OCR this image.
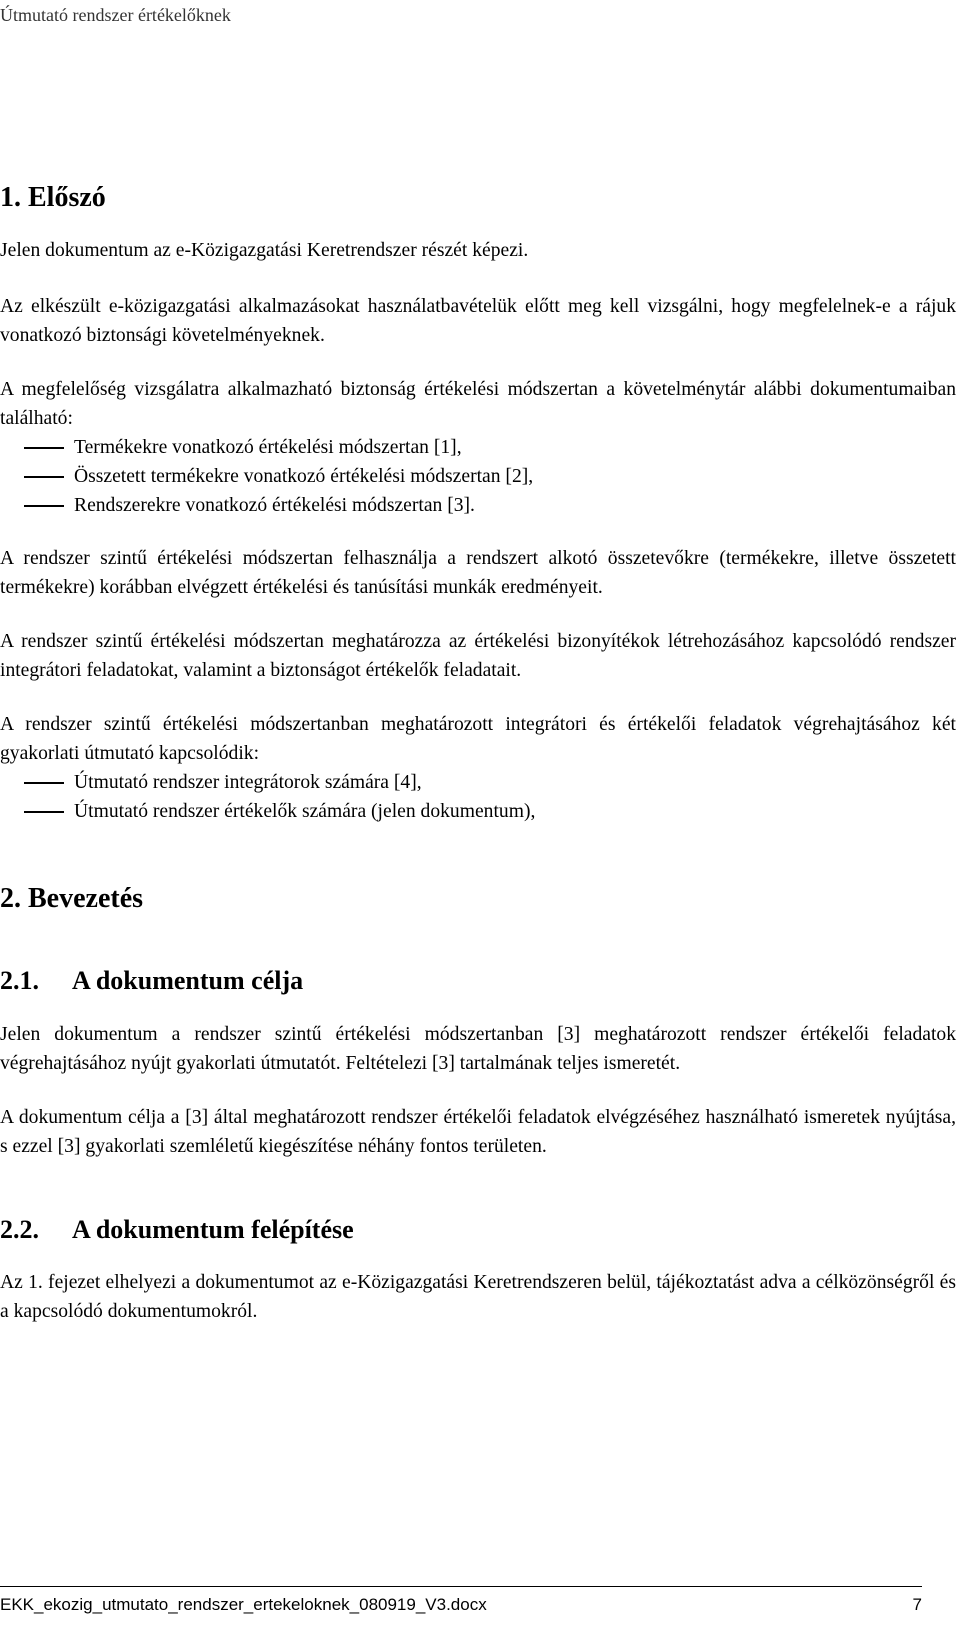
Útmutató rendszer értékelőknek
1. Előszó

Jelen dokumentum az e-Közigazgatási Keretrendszer részét képezi.

Az elkészült e-közigazgatási alkalmazásokat használatbavételük előtt meg kell vizsgálni, hogy megfelelnek-e a rájuk vonatkozó biztonsági követelményeknek.

A megfelelőség vizsgálatra alkalmazható biztonság értékelési módszertan a követelménytár alábbi dokumentumaiban található:

Termékekre vonatkozó értékelési módszertan [1],
Összetett termékekre vonatkozó értékelési módszertan [2],
Rendszerekre vonatkozó értékelési módszertan [3].

A rendszer szintű értékelési módszertan felhasználja a rendszert alkotó összetevőkre (termékekre, illetve összetett termékekre) korábban elvégzett értékelési és tanúsítási munkák eredményeit.

A rendszer szintű értékelési módszertan meghatározza az értékelési bizonyítékok létrehozásához kapcsolódó rendszer integrátori feladatokat, valamint a biztonságot értékelők feladatait.

A rendszer szintű értékelési módszertanban meghatározott integrátori és értékelői feladatok végrehajtásához két gyakorlati útmutató kapcsolódik:

Útmutató rendszer integrátorok számára [4],
Útmutató rendszer értékelők számára (jelen dokumentum),
2. Bevezetés
2.1. A dokumentum célja

Jelen dokumentum a rendszer szintű értékelési módszertanban [3] meghatározott rendszer értékelői feladatok végrehajtásához nyújt gyakorlati útmutatót. Feltételezi [3] tartalmának teljes ismeretét.

A dokumentum célja a [3] által meghatározott rendszer értékelői feladatok elvégzéséhez használható ismeretek nyújtása, s ezzel [3] gyakorlati szemléletű kiegészítése néhány fontos területen.

2.2. A dokumentum felépítése

Az 1. fejezet elhelyezi a dokumentumot az e-Közigazgatási Keretrendszeren belül, tájékoztatást adva a célközönségről és a kapcsolódó dokumentumokról.

EKK_ekozig_utmutato_rendszer_ertekeloknek_080919_V3.docx	7
